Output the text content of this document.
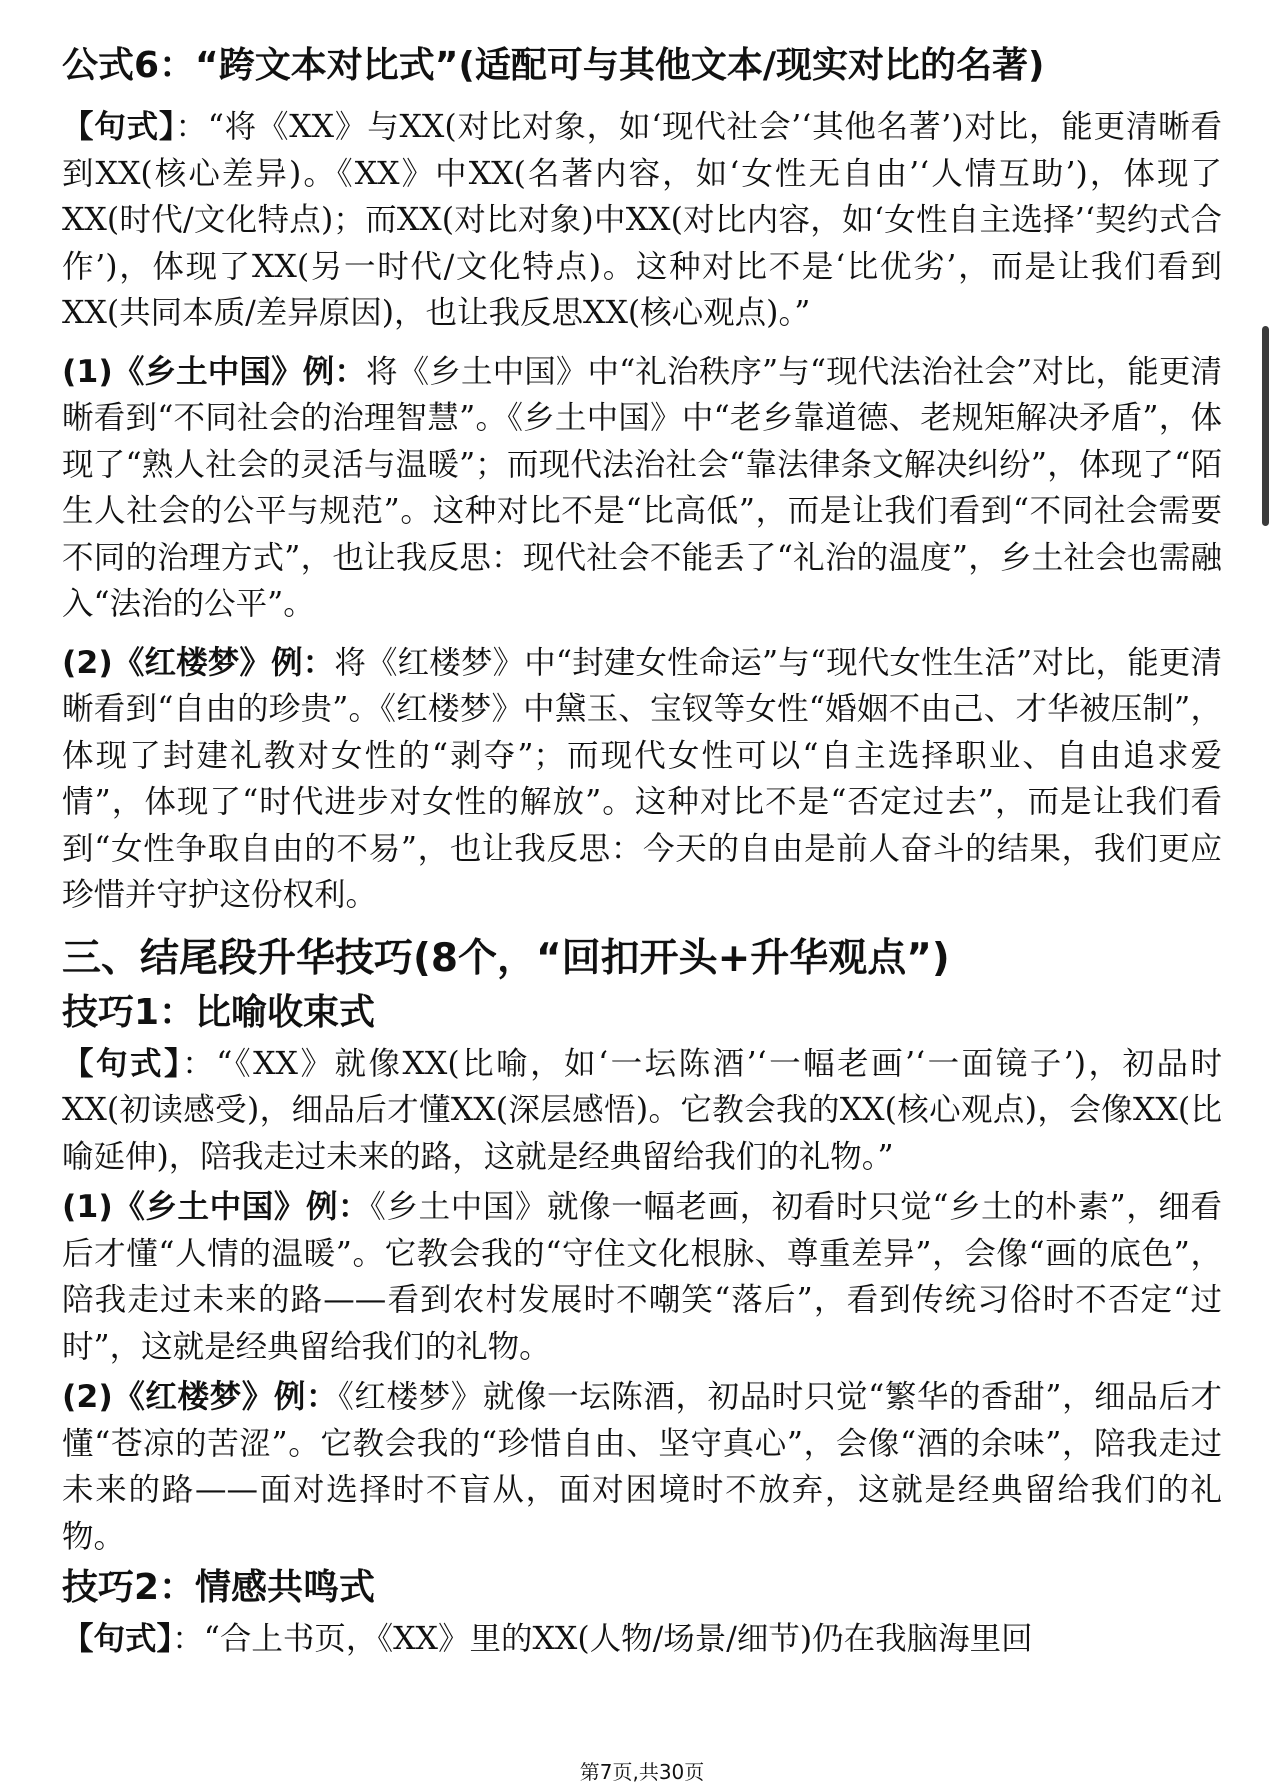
公式6：“跨文本对比式”(适配可与其他文本/现实对比的名著)

【句式】：“将《XX》与XX(对比对象，如‘现代社会’‘其他名著’)对比，能更清晰看到XX(核心差异)。《XX》中XX(名著内容，如‘女性无自由’‘人情互助’)，体现了XX(时代/文化特点)；而XX(对比对象)中XX(对比内容，如‘女性自主选择’‘契约式合作’)，体现了XX(另一时代/文化特点)。这种对比不是‘比优劣’，而是让我们看到XX(共同本质/差异原因)，也让我反思XX(核心观点)。”

(1)《乡土中国》例：将《乡土中国》中“礼治秩序”与“现代法治社会”对比，能更清晰看到“不同社会的治理智慧”。《乡土中国》中“老乡靠道德、老规矩解决矛盾”，体现了“熟人社会的灵活与温暖”；而现代法治社会“靠法律条文解决纠纷”，体现了“陌生人社会的公平与规范”。这种对比不是“比高低”，而是让我们看到“不同社会需要不同的治理方式”，也让我反思：现代社会不能丢了“礼治的温度”，乡土社会也需融入“法治的公平”。

(2)《红楼梦》例：将《红楼梦》中“封建女性命运”与“现代女性生活”对比，能更清晰看到“自由的珍贵”。《红楼梦》中黛玉、宝钗等女性“婚姻不由己、才华被压制”，体现了封建礼教对女性的“剥夺”；而现代女性可以“自主选择职业、自由追求爱情”，体现了“时代进步对女性的解放”。这种对比不是“否定过去”，而是让我们看到“女性争取自由的不易”，也让我反思：今天的自由是前人奋斗的结果，我们更应珍惜并守护这份权利。

三、结尾段升华技巧(8个，“回扣开头+升华观点”)
技巧1：比喻收束式

【句式】：“《XX》就像XX(比喻，如‘一坛陈酒’‘一幅老画’‘一面镜子’)，初品时XX(初读感受)，细品后才懂XX(深层感悟)。它教会我的XX(核心观点)，会像XX(比喻延伸)，陪我走过未来的路，这就是经典留给我们的礼物。”

(1)《乡土中国》例：《乡土中国》就像一幅老画，初看时只觉“乡土的朴素”，细看后才懂“人情的温暖”。它教会我的“守住文化根脉、尊重差异”，会像“画的底色”，陪我走过未来的路——看到农村发展时不嘲笑“落后”，看到传统习俗时不否定“过时”，这就是经典留给我们的礼物。

(2)《红楼梦》例：《红楼梦》就像一坛陈酒，初品时只觉“繁华的香甜”，细品后才懂“苍凉的苦涩”。它教会我的“珍惜自由、坚守真心”，会像“酒的余味”，陪我走过未来的路——面对选择时不盲从，面对困境时不放弃，这就是经典留给我们的礼物。

技巧2：情感共鸣式

【句式】：“合上书页，《XX》里的XX(人物/场景/细节)仍在我脑海里回

第7页,共30页
